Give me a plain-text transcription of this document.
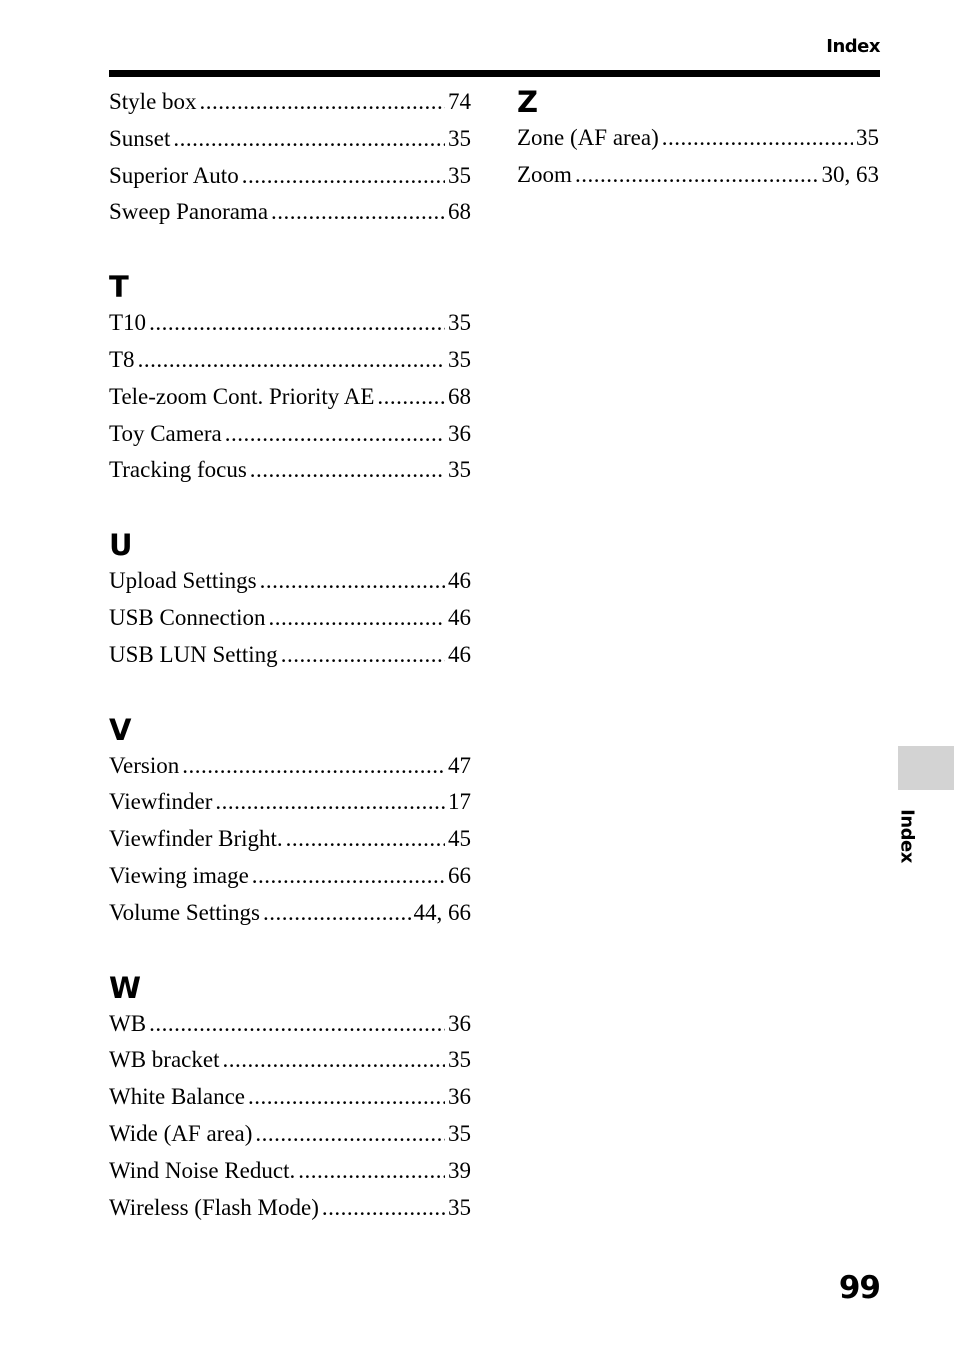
Index
Style box .....	74
Sunset .....	35
Superior Auto .....	35
Sweep Panorama .....	68
T
T10 .....	35
T8 .....	35
Tele-zoom Cont. Priority AE .....	68
Toy Camera .....	36
Tracking focus .....	35
U
Upload Settings .....	46
USB Connection .....	46
USB LUN Setting .....	46
V
Version .....	47
Viewfinder .....	17
Viewfinder Bright. .....	45
Viewing image .....	66
Volume Settings .....	44, 66
W
WB .....	36
WB bracket .....	35
White Balance .....	36
Wide (AF area) .....	35
Wind Noise Reduct. .....	39
Wireless (Flash Mode) .....	35
Z
Zone (AF area) .....	35
Zoom .....	30, 63
Index
99
